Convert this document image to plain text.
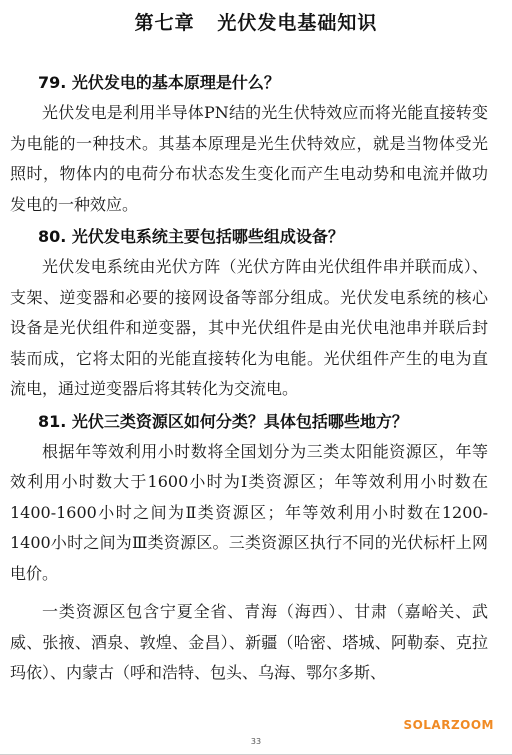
第七章   光伏发电基础知识
79. 光伏发电的基本原理是什么？

光伏发电是利用半导体PN结的光生伏特效应而将光能直接转变为电能的一种技术。其基本原理是光生伏特效应，就是当物体受光照时，物体内的电荷分布状态发生变化而产生电动势和电流并做功发电的一种效应。

80. 光伏发电系统主要包括哪些组成设备？

光伏发电系统由光伏方阵（光伏方阵由光伏组件串并联而成）、支架、逆变器和必要的接网设备等部分组成。光伏发电系统的核心设备是光伏组件和逆变器，其中光伏组件是由光伏电池串并联后封装而成，它将太阳的光能直接转化为电能。光伏组件产生的电为直流电，通过逆变器后将其转化为交流电。

81. 光伏三类资源区如何分类？具体包括哪些地方？

根据年等效利用小时数将全国划分为三类太阳能资源区，年等效利用小时数大于1600小时为Ⅰ类资源区；年等效利用小时数在1400-1600小时之间为Ⅱ类资源区；年等效利用小时数在1200-1400小时之间为Ⅲ类资源区。三类资源区执行不同的光伏标杆上网电价。

一类资源区包含宁夏全省、青海（海西）、甘肃（嘉峪关、武威、张掖、酒泉、敦煌、金昌）、新疆（哈密、塔城、阿勒泰、克拉玛依）、内蒙古（呼和浩特、包头、乌海、鄂尔多斯、

SOLARZOOM
33
